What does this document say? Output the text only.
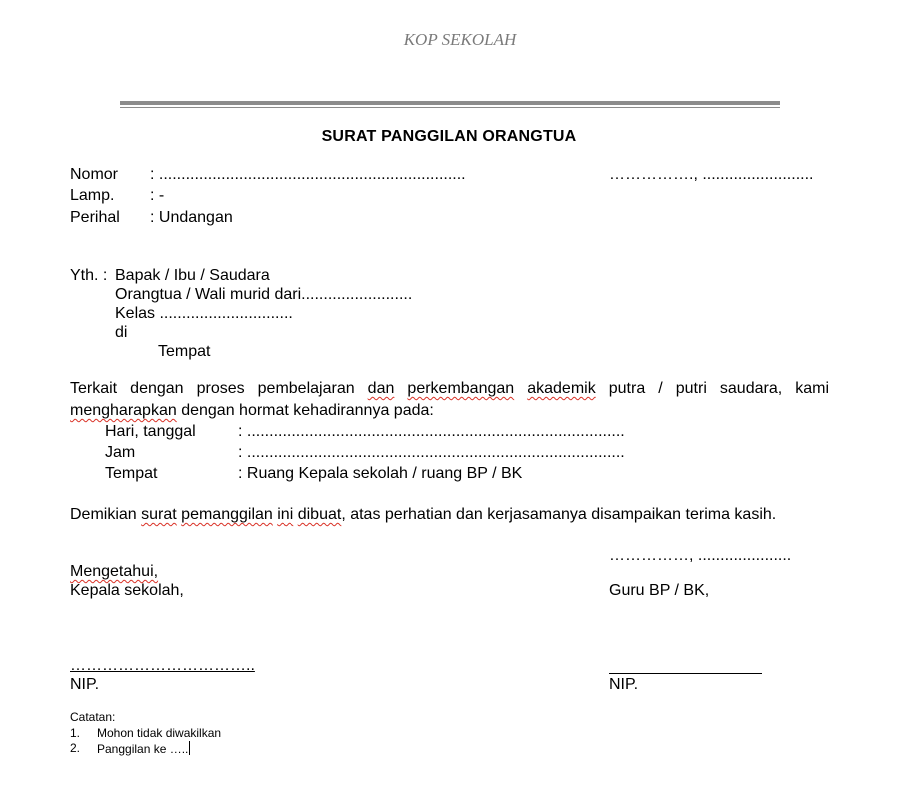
KOP SEKOLAH
SURAT PANGGILAN ORANGTUA
Nomor : .....................................................................
Lamp. : -
Perihal : Undangan
……………., .........................
Yth. : Bapak / Ibu / Saudara
Orangtua / Wali murid dari.........................
Kelas ..............................
di
Tempat
Terkait dengan proses pembelajaran dan perkembangan akademik putra / putri saudara, kami mengharapkan dengan hormat kehadirannya pada:
Hari, tanggal	: .....................................................................................
Jam	: .....................................................................................
Tempat	: Ruang Kepala sekolah / ruang BP / BK
Demikian surat pemanggilan ini dibuat, atas perhatian dan kerjasamanya disampaikan terima kasih.
……………, .....................
Mengetahui,
Kepala sekolah,	Guru BP / BK,
……………………………..
NIP.	NIP.
Catatan:
1. Mohon tidak diwakilkan
2. Panggilan ke …..
